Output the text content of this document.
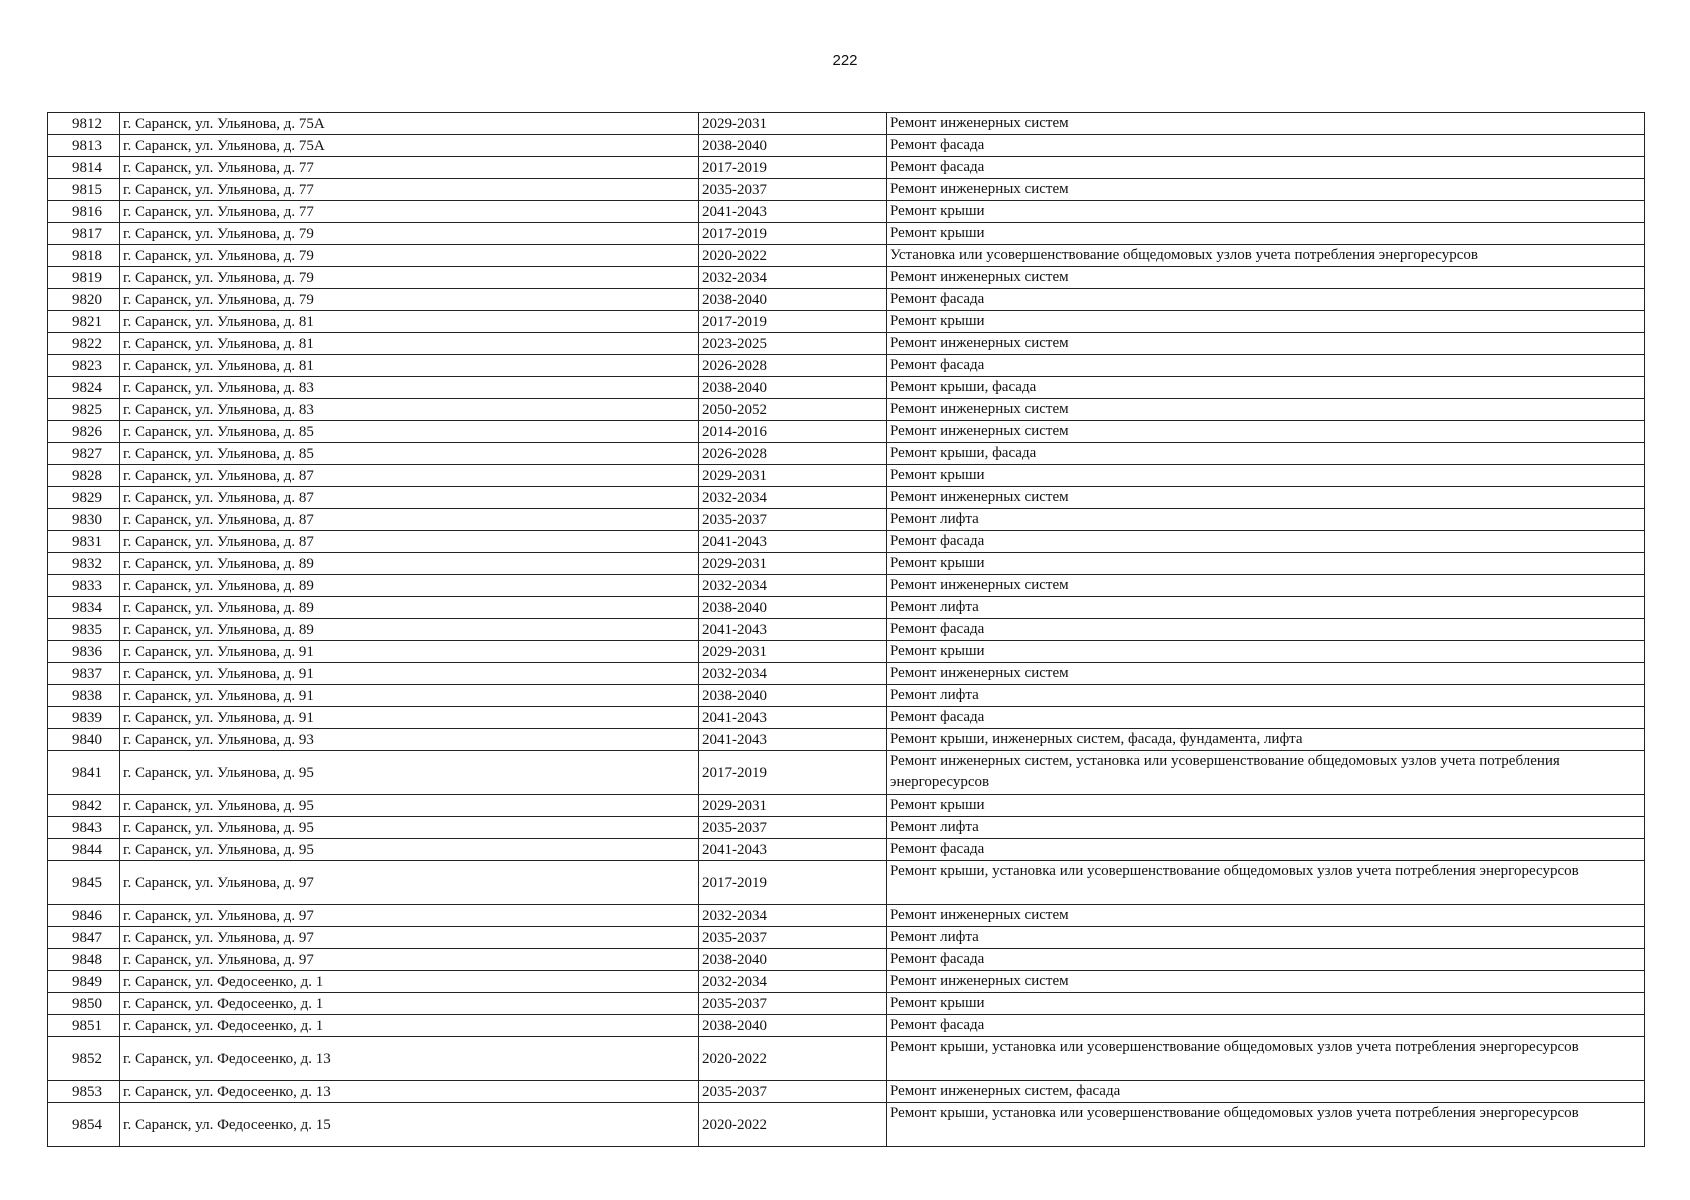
222
9812	г. Саранск, ул. Ульянова, д. 75А	2029-2031	Ремонт инженерных систем
9813	г. Саранск, ул. Ульянова, д. 75А	2038-2040	Ремонт фасада
9814	г. Саранск, ул. Ульянова, д. 77	2017-2019	Ремонт фасада
9815	г. Саранск, ул. Ульянова, д. 77	2035-2037	Ремонт инженерных систем
9816	г. Саранск, ул. Ульянова, д. 77	2041-2043	Ремонт крыши
9817	г. Саранск, ул. Ульянова, д. 79	2017-2019	Ремонт крыши
9818	г. Саранск, ул. Ульянова, д. 79	2020-2022	Установка или усовершенствование общедомовых узлов учета потребления энергоресурсов
9819	г. Саранск, ул. Ульянова, д. 79	2032-2034	Ремонт инженерных систем
9820	г. Саранск, ул. Ульянова, д. 79	2038-2040	Ремонт фасада
9821	г. Саранск, ул. Ульянова, д. 81	2017-2019	Ремонт крыши
9822	г. Саранск, ул. Ульянова, д. 81	2023-2025	Ремонт инженерных систем
9823	г. Саранск, ул. Ульянова, д. 81	2026-2028	Ремонт фасада
9824	г. Саранск, ул. Ульянова, д. 83	2038-2040	Ремонт крыши, фасада
9825	г. Саранск, ул. Ульянова, д. 83	2050-2052	Ремонт инженерных систем
9826	г. Саранск, ул. Ульянова, д. 85	2014-2016	Ремонт инженерных систем
9827	г. Саранск, ул. Ульянова, д. 85	2026-2028	Ремонт крыши, фасада
9828	г. Саранск, ул. Ульянова, д. 87	2029-2031	Ремонт крыши
9829	г. Саранск, ул. Ульянова, д. 87	2032-2034	Ремонт инженерных систем
9830	г. Саранск, ул. Ульянова, д. 87	2035-2037	Ремонт лифта
9831	г. Саранск, ул. Ульянова, д. 87	2041-2043	Ремонт фасада
9832	г. Саранск, ул. Ульянова, д. 89	2029-2031	Ремонт крыши
9833	г. Саранск, ул. Ульянова, д. 89	2032-2034	Ремонт инженерных систем
9834	г. Саранск, ул. Ульянова, д. 89	2038-2040	Ремонт лифта
9835	г. Саранск, ул. Ульянова, д. 89	2041-2043	Ремонт фасада
9836	г. Саранск, ул. Ульянова, д. 91	2029-2031	Ремонт крыши
9837	г. Саранск, ул. Ульянова, д. 91	2032-2034	Ремонт инженерных систем
9838	г. Саранск, ул. Ульянова, д. 91	2038-2040	Ремонт лифта
9839	г. Саранск, ул. Ульянова, д. 91	2041-2043	Ремонт фасада
9840	г. Саранск, ул. Ульянова, д. 93	2041-2043	Ремонт крыши, инженерных систем, фасада, фундамента, лифта
9841	г. Саранск, ул. Ульянова, д. 95	2017-2019	Ремонт инженерных систем, установка или усовершенствование общедомовых узлов учета потребления энергоресурсов
9842	г. Саранск, ул. Ульянова, д. 95	2029-2031	Ремонт крыши
9843	г. Саранск, ул. Ульянова, д. 95	2035-2037	Ремонт лифта
9844	г. Саранск, ул. Ульянова, д. 95	2041-2043	Ремонт фасада
9845	г. Саранск, ул. Ульянова, д. 97	2017-2019	Ремонт крыши, установка или усовершенствование общедомовых узлов учета потребления энергоресурсов
9846	г. Саранск, ул. Ульянова, д. 97	2032-2034	Ремонт инженерных систем
9847	г. Саранск, ул. Ульянова, д. 97	2035-2037	Ремонт лифта
9848	г. Саранск, ул. Ульянова, д. 97	2038-2040	Ремонт фасада
9849	г. Саранск, ул. Федосеенко, д. 1	2032-2034	Ремонт инженерных систем
9850	г. Саранск, ул. Федосеенко, д. 1	2035-2037	Ремонт крыши
9851	г. Саранск, ул. Федосеенко, д. 1	2038-2040	Ремонт фасада
9852	г. Саранск, ул. Федосеенко, д. 13	2020-2022	Ремонт крыши, установка или усовершенствование общедомовых узлов учета потребления энергоресурсов
9853	г. Саранск, ул. Федосеенко, д. 13	2035-2037	Ремонт инженерных систем, фасада
9854	г. Саранск, ул. Федосеенко, д. 15	2020-2022	Ремонт крыши, установка или усовершенствование общедомовых узлов учета потребления энергоресурсов
